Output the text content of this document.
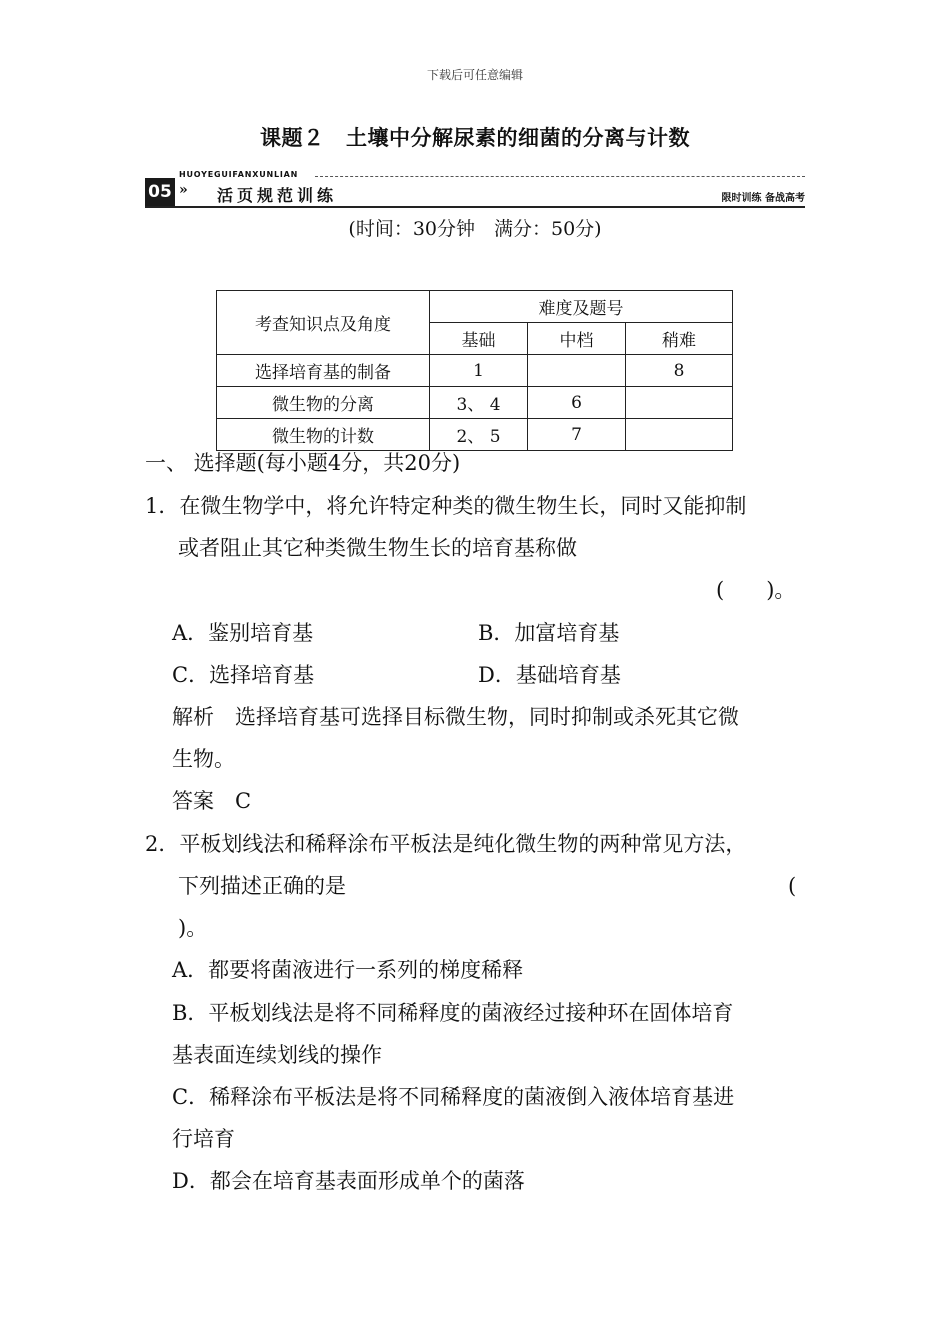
下载后可任意编辑
课题２　土壤中分解尿素的细菌的分离与计数
HUOYEGUIFANXUNLIAN
05 » 活页规范训练	限时训练 备战高考
(时间：30分钟　满分：50分)
考查知识点及角度	难度及题号		
	基础	中档	稍难
选择培育基的制备	1		8
微生物的分离	3、 4	6	
微生物的计数	2、 5	7	
一、 选择题(每小题4分，共20分)
1．在微生物学中，将允许特定种类的微生物生长，同时又能抑制
或者阻止其它种类微生物生长的培育基称做
(　　)。
A．鉴别培育基	B．加富培育基
C．选择培育基	D．基础培育基
解析　选择培育基可选择目标微生物，同时抑制或杀死其它微
生物。
答案　C
2．平板划线法和稀释涂布平板法是纯化微生物的两种常见方法，
下列描述正确的是	(
)。
A．都要将菌液进行一系列的梯度稀释
B．平板划线法是将不同稀释度的菌液经过接种环在固体培育
基表面连续划线的操作
C．稀释涂布平板法是将不同稀释度的菌液倒入液体培育基进
行培育
D．都会在培育基表面形成单个的菌落
